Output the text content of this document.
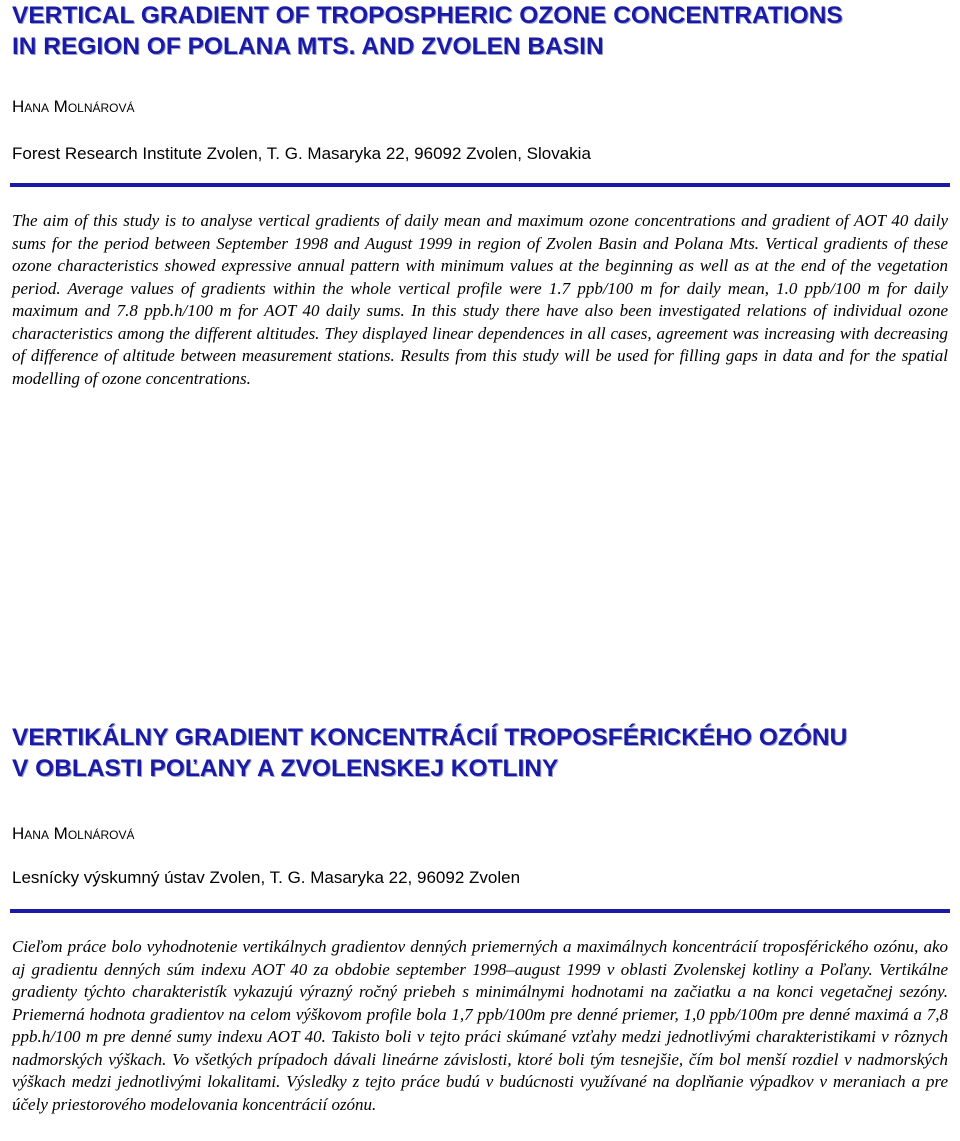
VERTICAL GRADIENT OF TROPOSPHERIC OZONE CONCENTRATIONS
IN REGION OF POLANA MTS. AND ZVOLEN BASIN
Hana Molnárová
Forest Research Institute Zvolen, T. G. Masaryka 22, 96092 Zvolen, Slovakia
The aim of this study is to analyse vertical gradients of daily mean and maximum ozone concentrations and gradient of AOT 40 daily sums for the period between September 1998 and August 1999 in region of Zvolen Basin and Polana Mts. Vertical gradients of these ozone characteristics showed expressive annual pattern with minimum values at the beginning as well as at the end of the vegetation period. Average values of gradients within the whole vertical profile were 1.7 ppb/100 m for daily mean, 1.0 ppb/100 m for daily maximum and 7.8 ppb.h/100 m for AOT 40 daily sums. In this study there have also been investigated relations of individual ozone characteristics among the different altitudes. They displayed linear dependences in all cases, agreement was increasing with decreasing of difference of altitude between measurement stations. Results from this study will be used for filling gaps in data and for the spatial modelling of ozone concentrations.
VERTIKÁLNY GRADIENT KONCENTRÁCIÍ TROPOSFÉRICKÉHO OZÓNU
V OBLASTI POĽANY A ZVOLENSKEJ KOTLINY
Hana Molnárová
Lesnícky výskumný ústav Zvolen, T. G. Masaryka 22, 96092 Zvolen
Cieľom práce bolo vyhodnotenie vertikálnych gradientov denných priemerných a maximálnych koncentrácií troposférického ozónu, ako aj gradientu denných súm indexu AOT 40 za obdobie september 1998–august 1999 v oblasti Zvolenskej kotliny a Poľany. Vertikálne gradienty týchto charakteristík vykazujú výrazný ročný priebeh s minimálnymi hodnotami na začiatku a na konci vegetačnej sezóny. Priemerná hodnota gradientov na celom výškovom profile bola 1,7 ppb/100m pre denné priemer, 1,0 ppb/100m pre denné maximá a 7,8 ppb.h/100 m pre denné sumy indexu AOT 40. Takisto boli v tejto práci skúmané vzťahy medzi jednotlivými charakteristikami v rôznych nadmorských výškach. Vo všetkých prípadoch dávali lineárne závislosti, ktoré boli tým tesnejšie, čím bol menší rozdiel v nadmorských výškach medzi jednotlivými lokalitami. Výsledky z tejto práce budú v budúcnosti využívané na doplňanie výpadkov v meraniach a pre účely priestorového modelovania koncentrácií ozónu.
